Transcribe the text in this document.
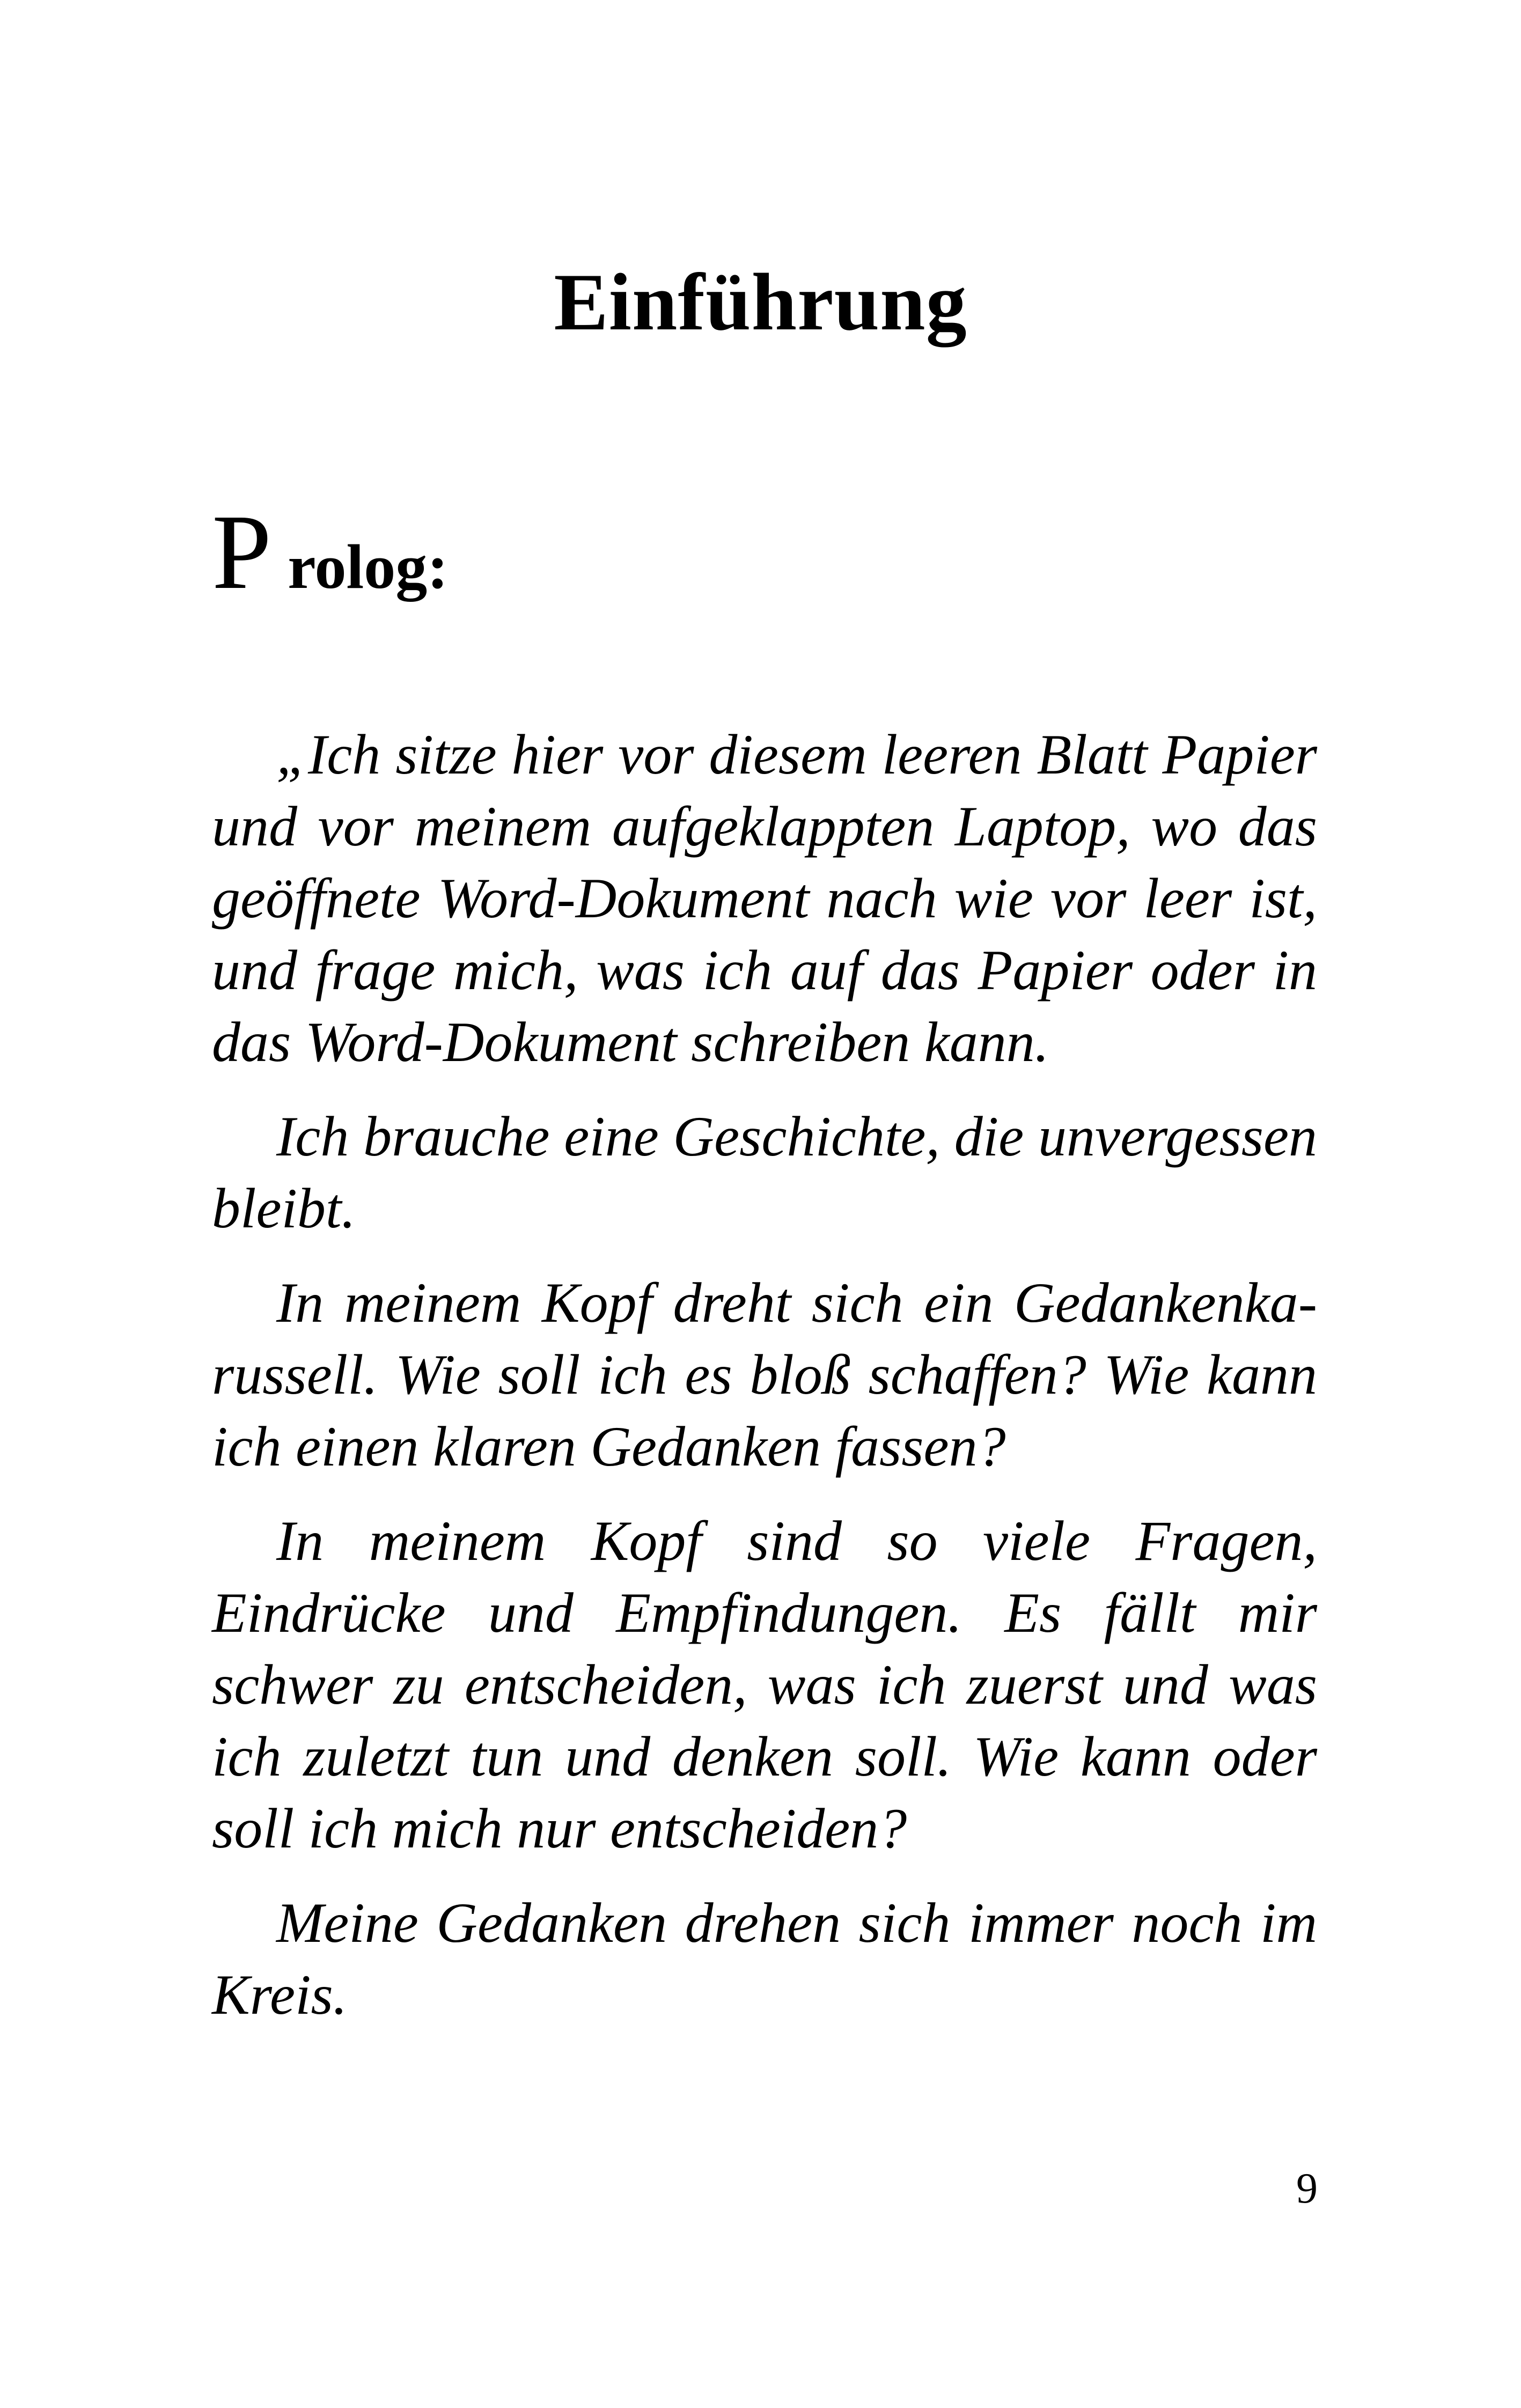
Einführung
P rolog:

„Ich sitze hier vor diesem leeren Blatt Papier und vor meinem aufgeklappten Laptop, wo das geöffnete Word-Dokument nach wie vor leer ist, und frage mich, was ich auf das Papier oder in das Word-Dokument schreiben kann.

Ich brauche eine Geschichte, die unvergessen bleibt.

In meinem Kopf dreht sich ein Gedankenkarussell. Wie soll ich es bloß schaffen? Wie kann ich einen klaren Gedanken fassen?

In meinem Kopf sind so viele Fragen, Eindrücke und Empfindungen. Es fällt mir schwer zu entscheiden, was ich zuerst und was ich zuletzt tun und denken soll. Wie kann oder soll ich mich nur entscheiden?

Meine Gedanken drehen sich immer noch im Kreis.

9
